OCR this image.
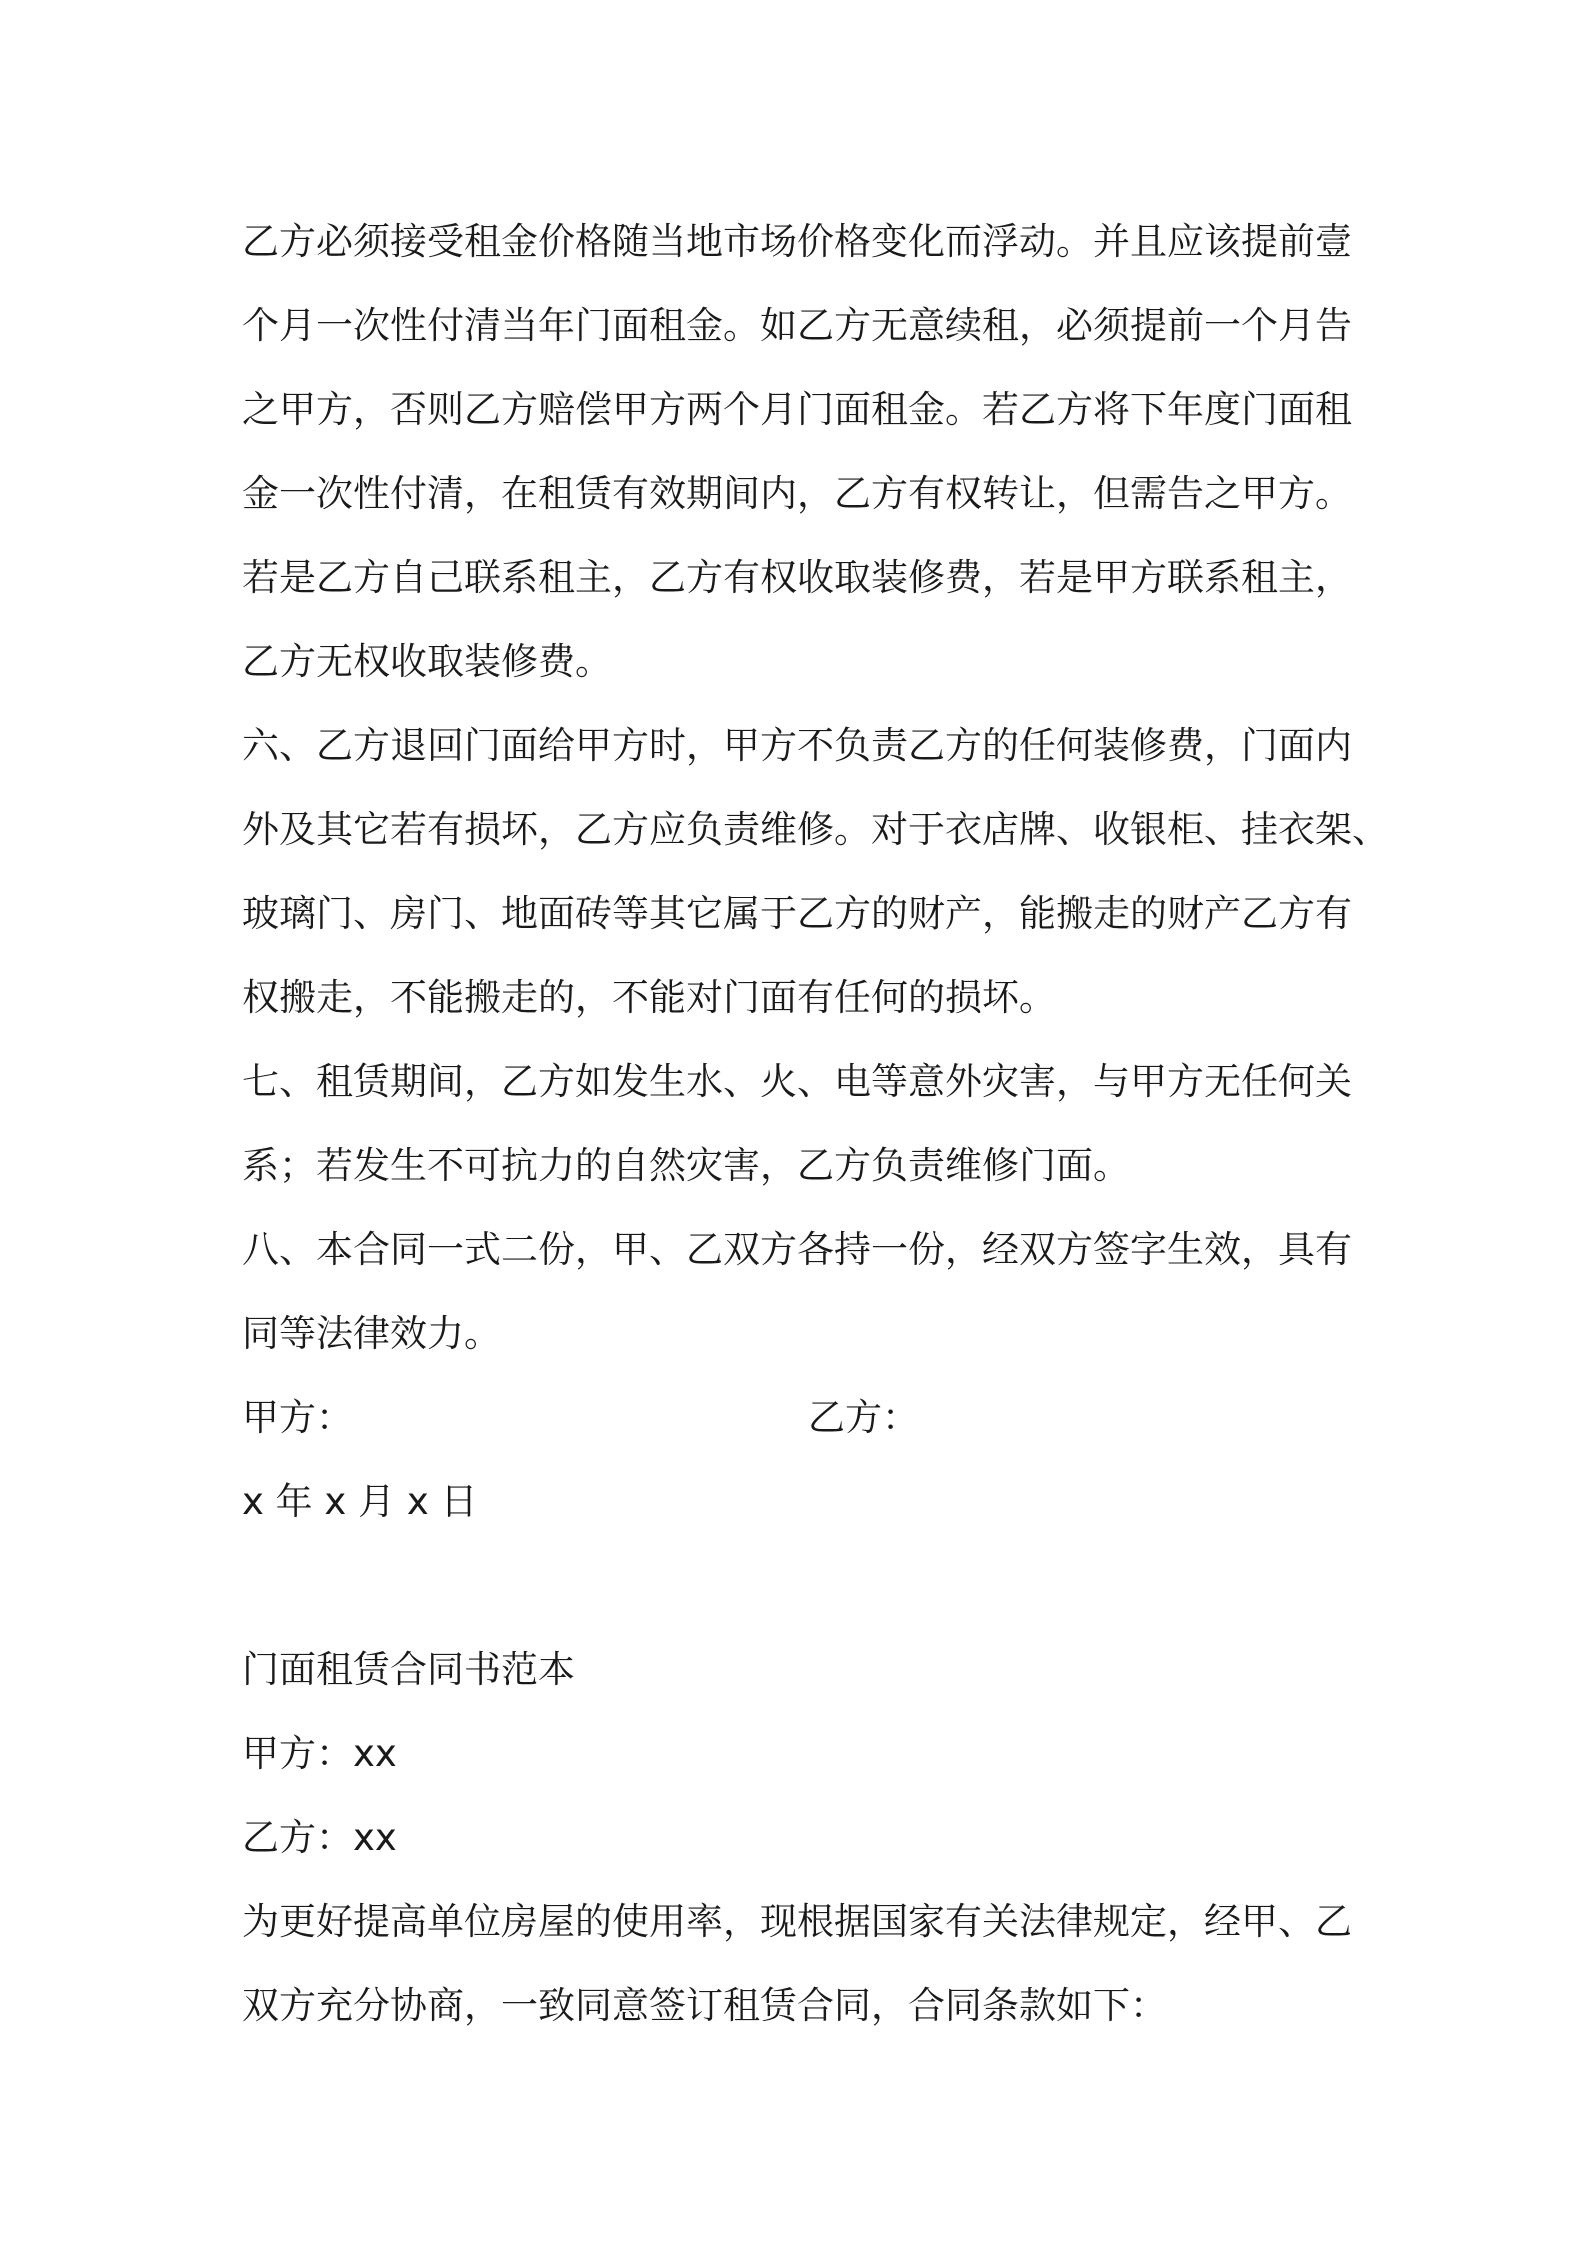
乙方必须接受租金价格随当地市场价格变化而浮动。并且应该提前壹
个月一次性付清当年门面租金。如乙方无意续租，必须提前一个月告
之甲方，否则乙方赔偿甲方两个月门面租金。若乙方将下年度门面租
金一次性付清，在租赁有效期间内，乙方有权转让，但需告之甲方。
若是乙方自己联系租主，乙方有权收取装修费，若是甲方联系租主，
乙方无权收取装修费。
六、乙方退回门面给甲方时，甲方不负责乙方的任何装修费，门面内
外及其它若有损坏，乙方应负责维修。对于衣店牌、收银柜、挂衣架、
玻璃门、房门、地面砖等其它属于乙方的财产，能搬走的财产乙方有
权搬走，不能搬走的，不能对门面有任何的损坏。
七、租赁期间，乙方如发生水、火、电等意外灾害，与甲方无任何关
系；若发生不可抗力的自然灾害，乙方负责维修门面。
八、本合同一式二份，甲、乙双方各持一份，经双方签字生效，具有
同等法律效力。
甲方：	乙方：
x 年 x 月 x 日
门面租赁合同书范本
甲方：xx
乙方：xx
为更好提高单位房屋的使用率，现根据国家有关法律规定，经甲、乙
双方充分协商，一致同意签订租赁合同，合同条款如下：
